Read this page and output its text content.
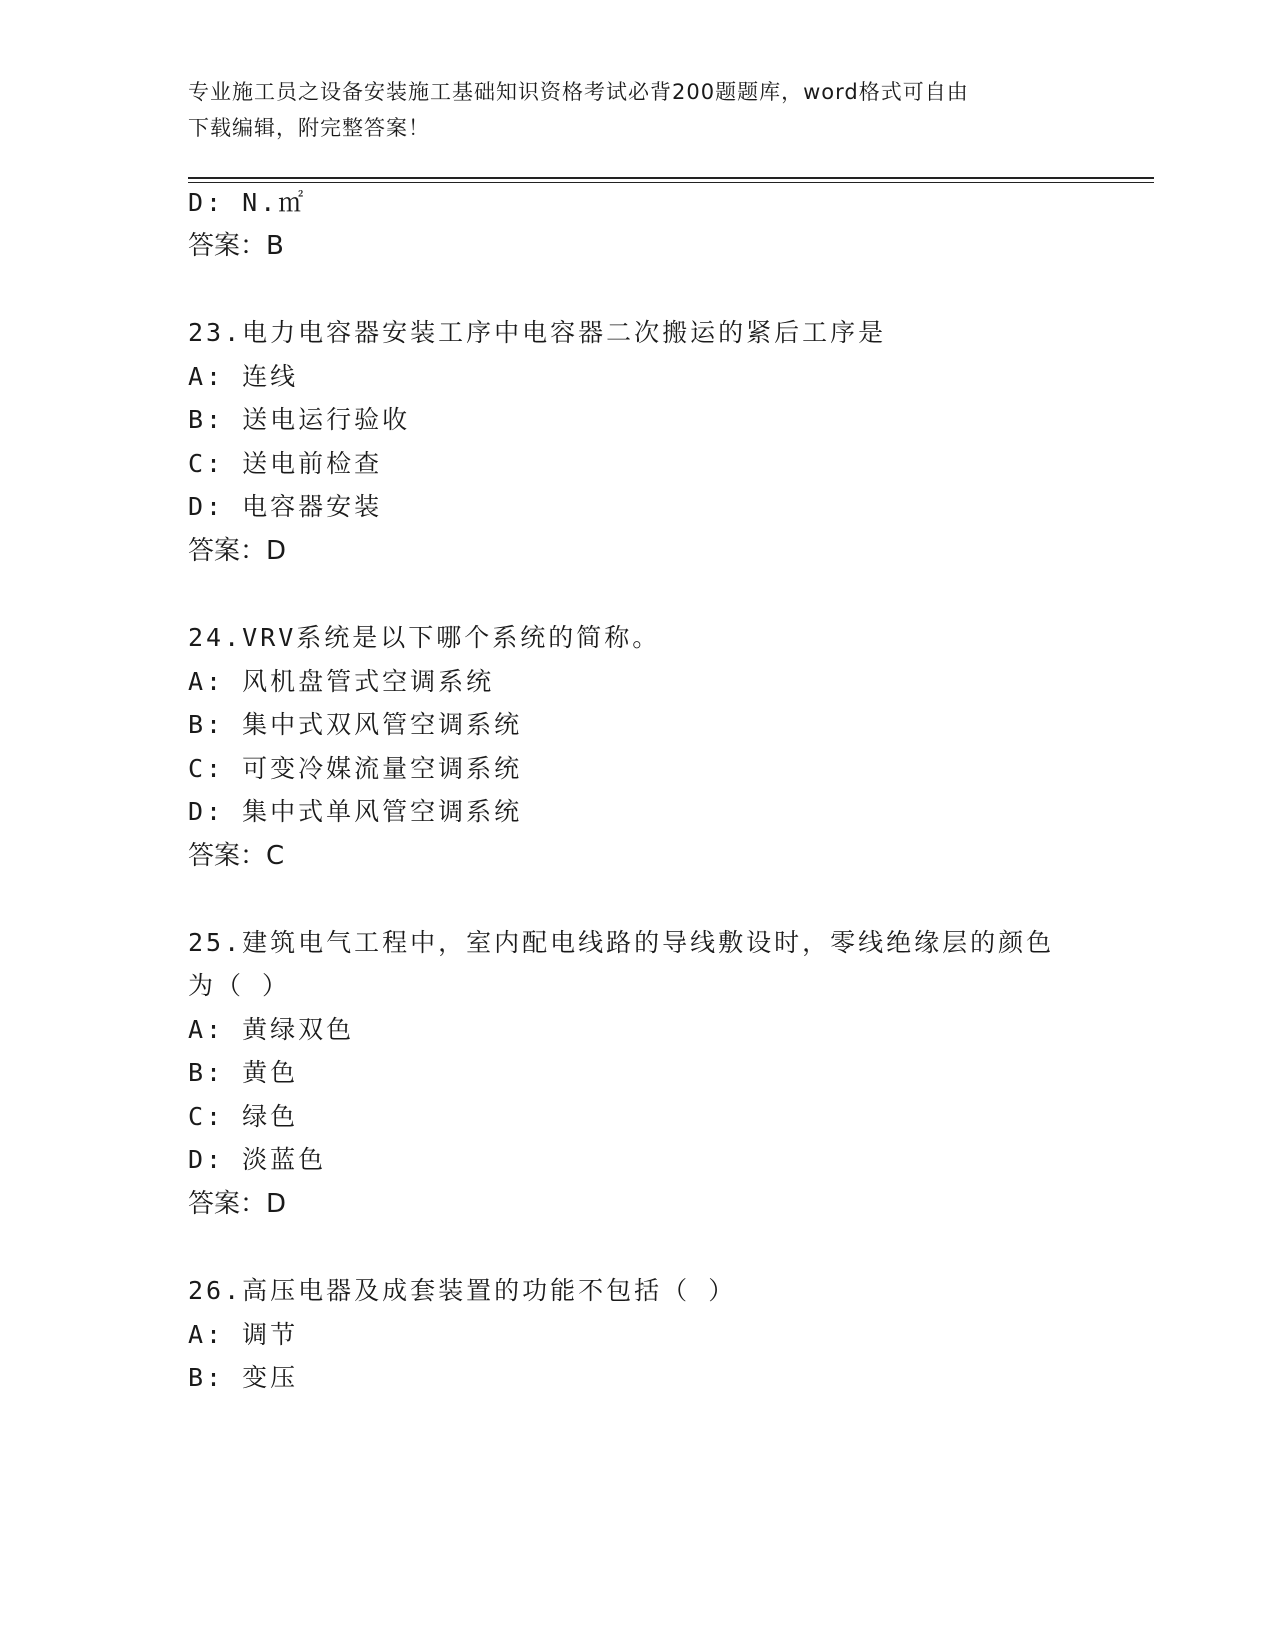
专业施工员之设备安装施工基础知识资格考试必背200题题库，word格式可自由
下载编辑，附完整答案！
D: N.㎡
答案：B
23.电力电容器安装工序中电容器二次搬运的紧后工序是
A: 连线
B: 送电运行验收
C: 送电前检查
D: 电容器安装
答案：D
24.VRV系统是以下哪个系统的简称。
A: 风机盘管式空调系统
B: 集中式双风管空调系统
C: 可变冷媒流量空调系统
D: 集中式单风管空调系统
答案：C
25.建筑电气工程中，室内配电线路的导线敷设时，零线绝缘层的颜色
为（ ）
A: 黄绿双色
B: 黄色
C: 绿色
D: 淡蓝色
答案：D
26.高压电器及成套装置的功能不包括（ ）
A: 调节
B: 变压
